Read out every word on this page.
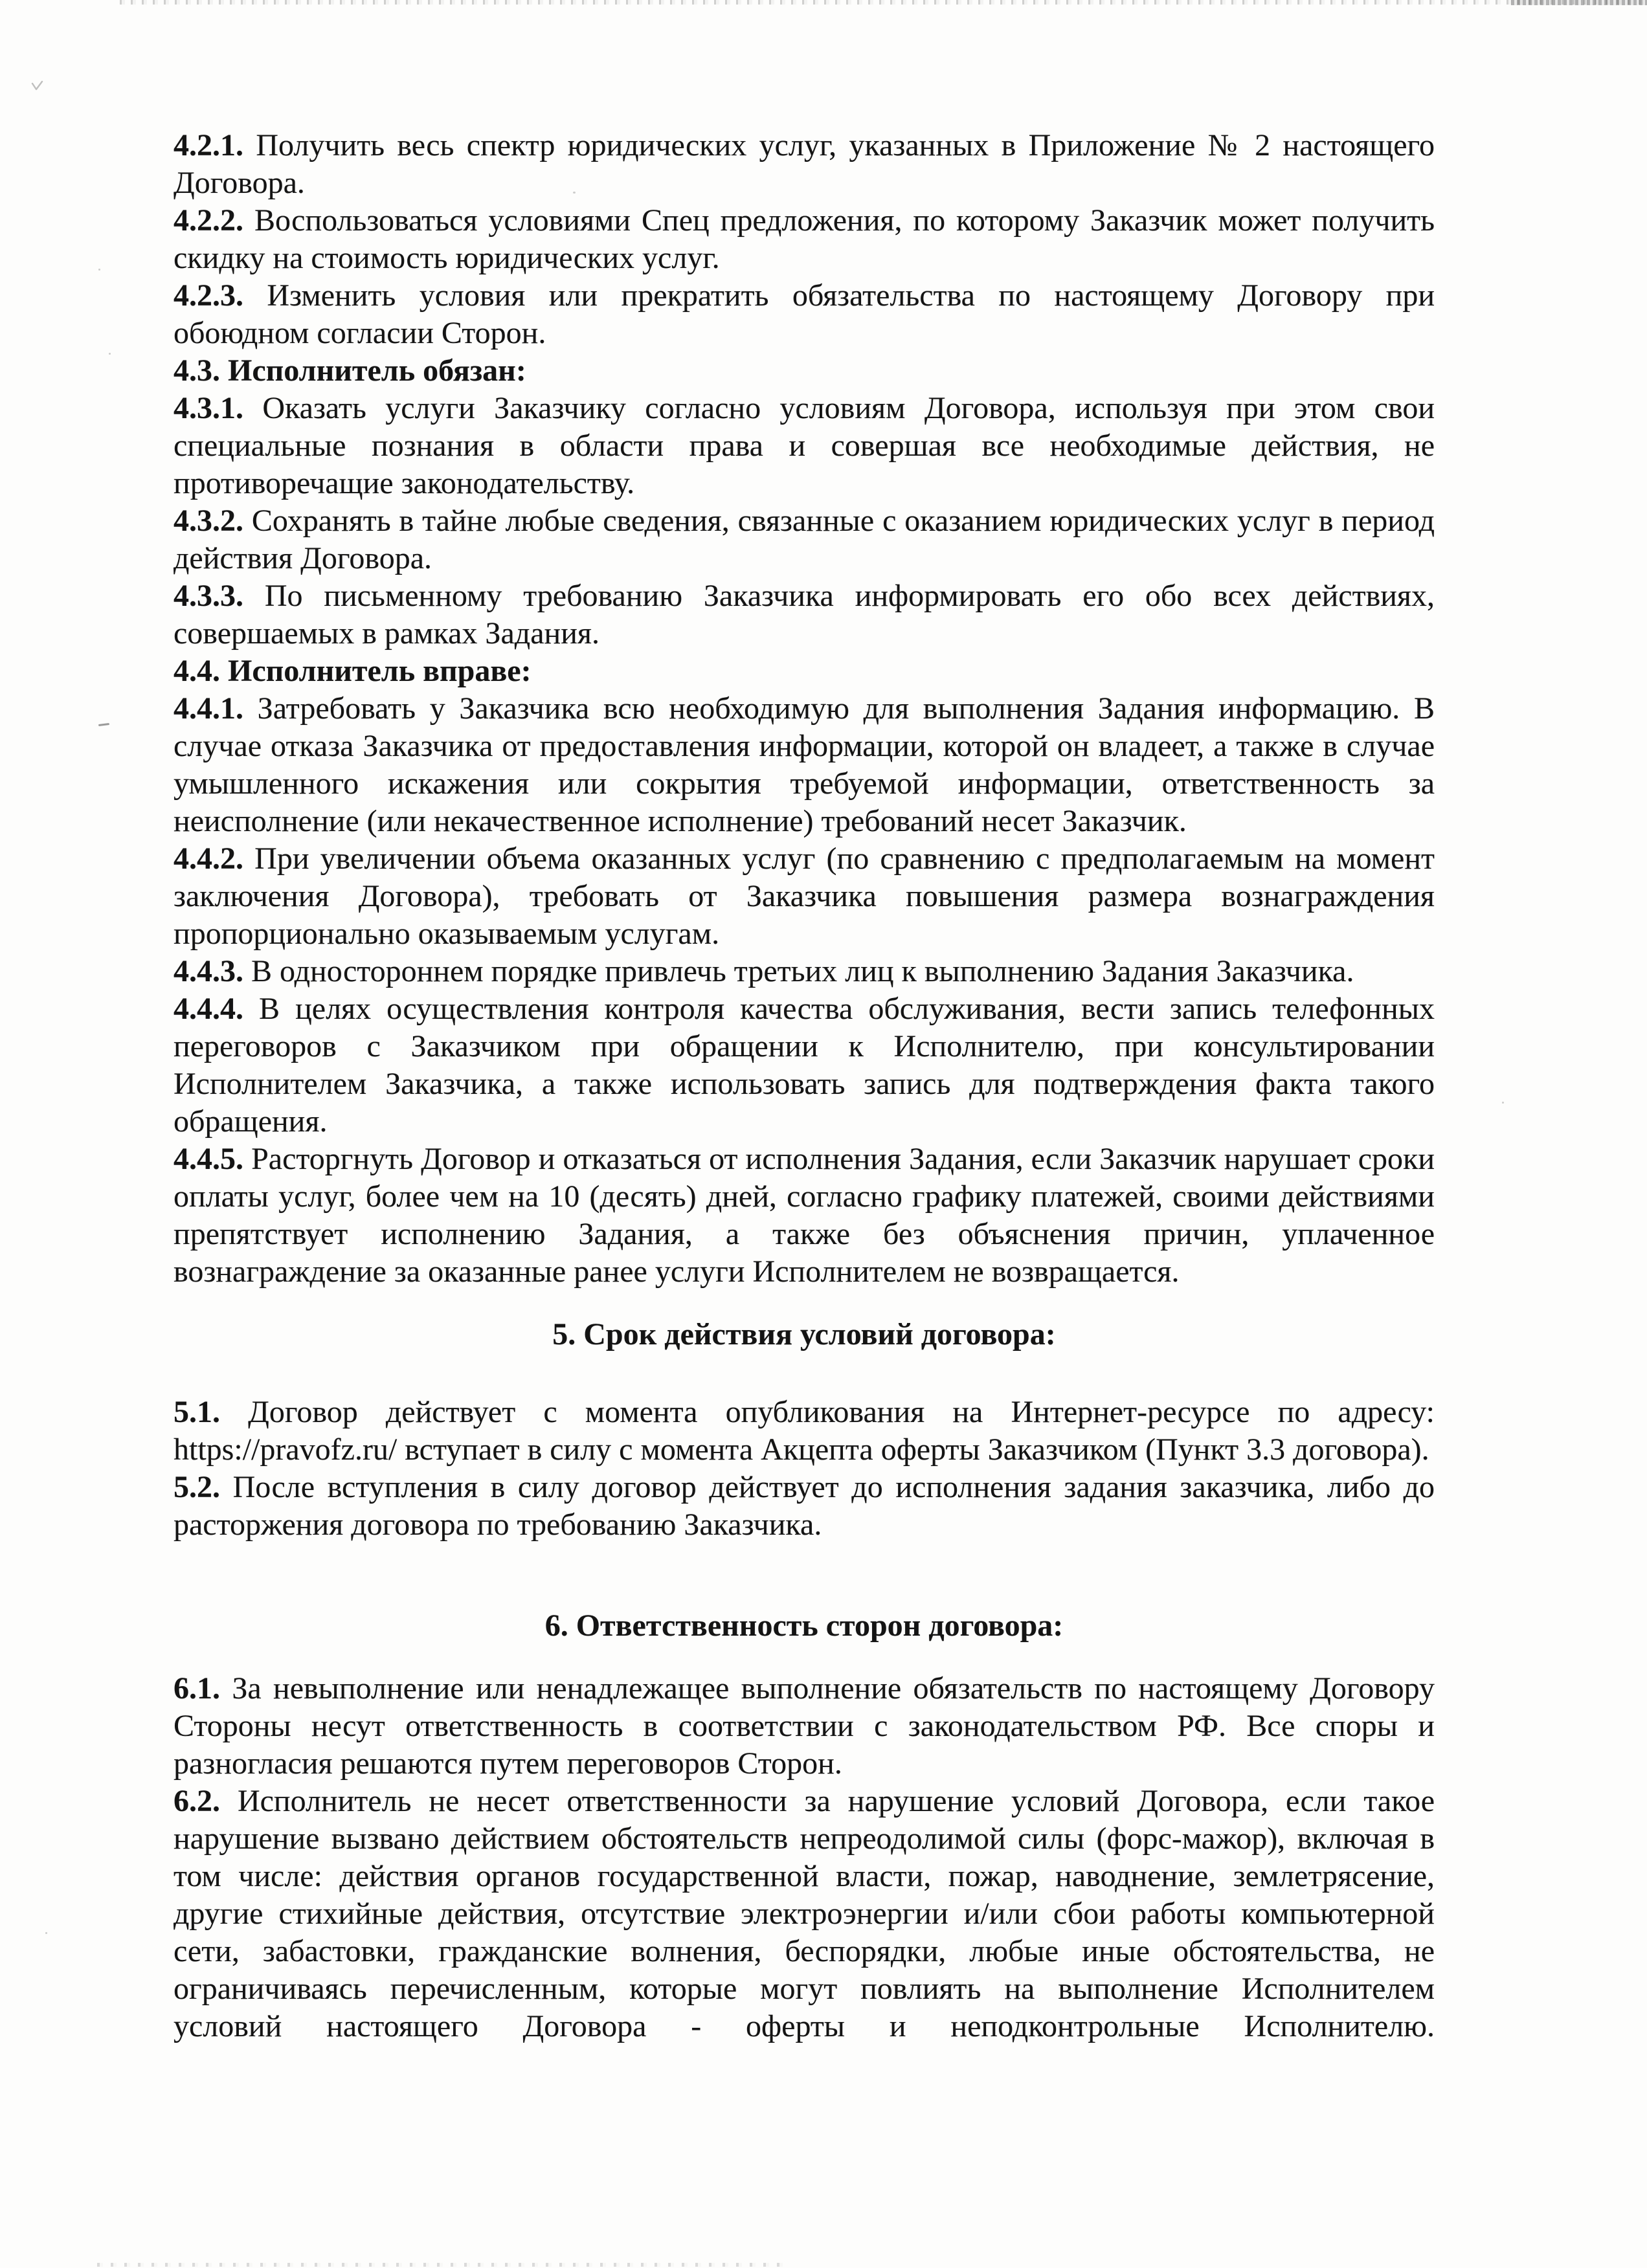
4.2.1. Получить весь спектр юридических услуг, указанных в Приложение № 2 настоящего Договора.

4.2.2. Воспользоваться условиями Спец предложения, по которому Заказчик может получить скидку на стоимость юридических услуг.

4.2.3. Изменить условия или прекратить обязательства по настоящему Договору при обоюдном согласии Сторон.

4.3. Исполнитель обязан:

4.3.1. Оказать услуги Заказчику согласно условиям Договора, используя при этом свои специальные познания в области права и совершая все необходимые действия, не противоречащие законодательству.

4.3.2. Сохранять в тайне любые сведения, связанные с оказанием юридических услуг в период действия Договора.

4.3.3. По письменному требованию Заказчика информировать его обо всех действиях, совершаемых в рамках Задания.

4.4. Исполнитель вправе:

4.4.1. Затребовать у Заказчика всю необходимую для выполнения Задания информацию. В случае отказа Заказчика от предоставления информации, которой он владеет, а также в случае умышленного искажения или сокрытия требуемой информации, ответственность за неисполнение (или некачественное исполнение) требований несет Заказчик.

4.4.2. При увеличении объема оказанных услуг (по сравнению с предполагаемым на момент заключения Договора), требовать от Заказчика повышения размера вознаграждения пропорционально оказываемым услугам.

4.4.3. В одностороннем порядке привлечь третьих лиц к выполнению Задания Заказчика.

4.4.4. В целях осуществления контроля качества обслуживания, вести запись телефонных переговоров с Заказчиком при обращении к Исполнителю, при консультировании Исполнителем Заказчика, а также использовать запись для подтверждения факта такого обращения.

4.4.5. Расторгнуть Договор и отказаться от исполнения Задания, если Заказчик нарушает сроки оплаты услуг, более чем на 10 (десять) дней, согласно графику платежей, своими действиями препятствует исполнению Задания, а также без объяснения причин, уплаченное вознаграждение за оказанные ранее услуги Исполнителем не возвращается.

5. Срок действия условий договора:

5.1. Договор действует с момента опубликования на Интернет-ресурсе по адресу: https://pravofz.ru/ вступает в силу с момента Акцепта оферты Заказчиком (Пункт 3.3 договора).

5.2. После вступления в силу договор действует до исполнения задания заказчика, либо до расторжения договора по требованию Заказчика.

6. Ответственность сторон договора:

6.1. За невыполнение или ненадлежащее выполнение обязательств по настоящему Договору Стороны несут ответственность в соответствии с законодательством РФ. Все споры и разногласия решаются путем переговоров Сторон.

6.2. Исполнитель не несет ответственности за нарушение условий Договора, если такое нарушение вызвано действием обстоятельств непреодолимой силы (форс-мажор), включая в том числе: действия органов государственной власти, пожар, наводнение, землетрясение, другие стихийные действия, отсутствие электроэнергии и/или сбои работы компьютерной сети, забастовки, гражданские волнения, беспорядки, любые иные обстоятельства, не ограничиваясь перечисленным, которые могут повлиять на выполнение Исполнителем условий настоящего Договора - оферты и неподконтрольные Исполнителю.
